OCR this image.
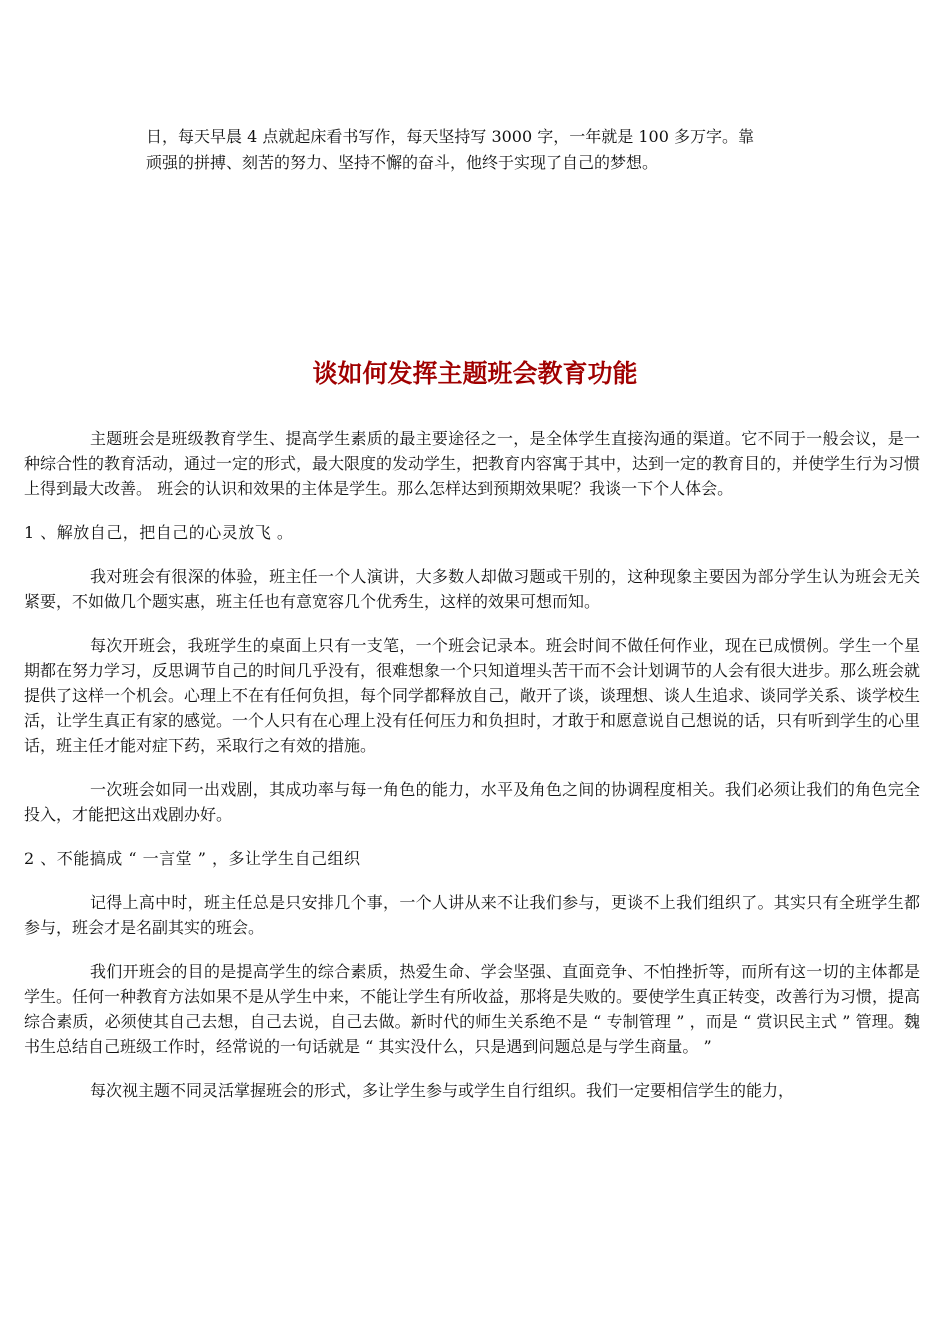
日，每天早晨 4 点就起床看书写作，每天坚持写 3000 字，一年就是 100 多万字。靠

顽强的拼搏、刻苦的努力、坚持不懈的奋斗，他终于实现了自己的梦想。

谈如何发挥主题班会教育功能

主题班会是班级教育学生、提高学生素质的最主要途径之一，是全体学生直接沟通的渠道。它不同于一般会议，是一种综合性的教育活动，通过一定的形式，最大限度的发动学生，把教育内容寓于其中，达到一定的教育目的，并使学生行为习惯上得到最大改善。 班会的认识和效果的主体是学生。那么怎样达到预期效果呢？我谈一下个人体会。

1 、解放自己，把自己的心灵放飞 。

我对班会有很深的体验，班主任一个人演讲，大多数人却做习题或干别的，这种现象主要因为部分学生认为班会无关紧要，不如做几个题实惠，班主任也有意宽容几个优秀生，这样的效果可想而知。

每次开班会，我班学生的桌面上只有一支笔，一个班会记录本。班会时间不做任何作业，现在已成惯例。学生一个星期都在努力学习，反思调节自己的时间几乎没有，很难想象一个只知道埋头苦干而不会计划调节的人会有很大进步。那么班会就提供了这样一个机会。心理上不在有任何负担，每个同学都释放自己，敞开了谈，谈理想、谈人生追求、谈同学关系、谈学校生活，让学生真正有家的感觉。一个人只有在心理上没有任何压力和负担时，才敢于和愿意说自己想说的话，只有听到学生的心里话，班主任才能对症下药，采取行之有效的措施。

一次班会如同一出戏剧，其成功率与每一角色的能力，水平及角色之间的协调程度相关。我们必须让我们的角色完全投入，才能把这出戏剧办好。

2 、不能搞成 “ 一言堂 ” ，多让学生自己组织

记得上高中时，班主任总是只安排几个事，一个人讲从来不让我们参与，更谈不上我们组织了。其实只有全班学生都参与，班会才是名副其实的班会。

我们开班会的目的是提高学生的综合素质，热爱生命、学会坚强、直面竞争、不怕挫折等，而所有这一切的主体都是学生。任何一种教育方法如果不是从学生中来，不能让学生有所收益，那将是失败的。要使学生真正转变，改善行为习惯，提高综合素质，必须使其自己去想，自己去说，自己去做。新时代的师生关系绝不是 “ 专制管理 ” ，而是 “ 赏识民主式 ” 管理。魏书生总结自己班级工作时，经常说的一句话就是 “ 其实没什么，只是遇到问题总是与学生商量。 ”

每次视主题不同灵活掌握班会的形式，多让学生参与或学生自行组织。我们一定要相信学生的能力，
